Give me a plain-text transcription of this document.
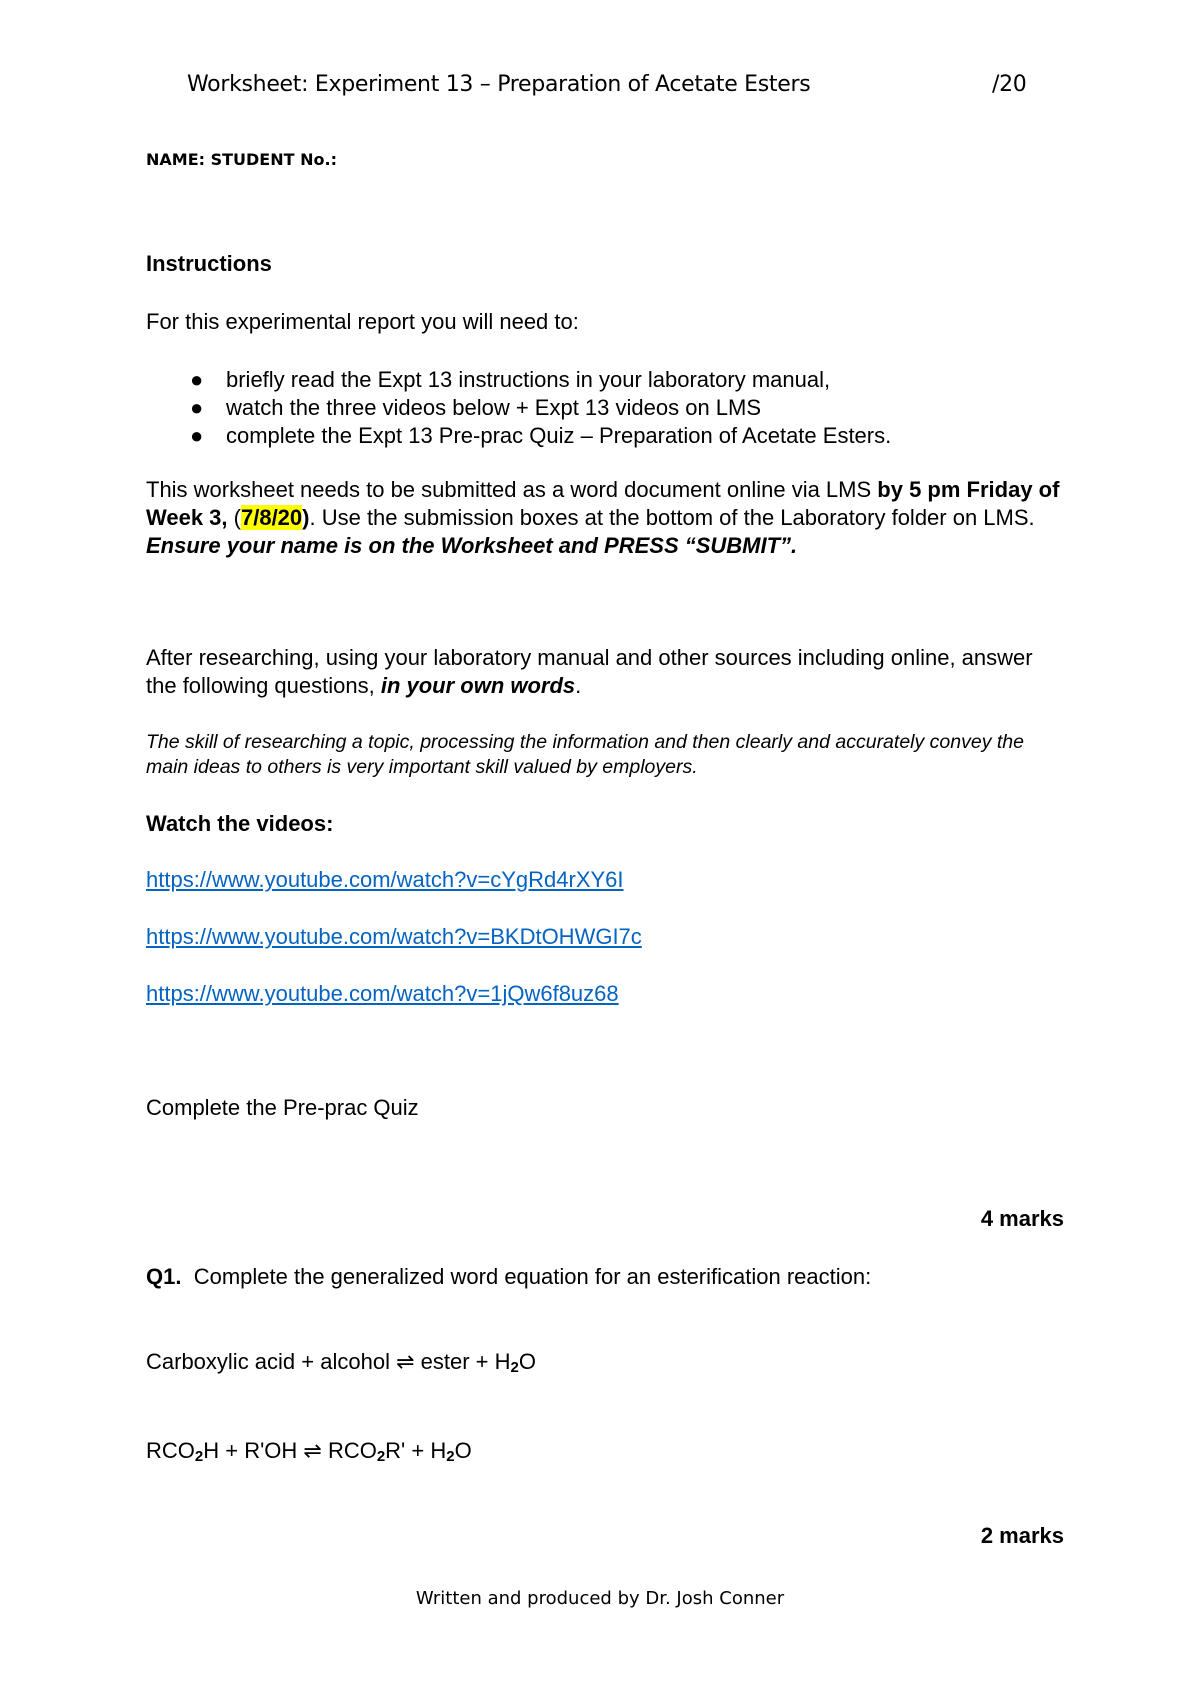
Worksheet: Experiment 13 – Preparation of Acetate Esters	/20
NAME: STUDENT No.:
Instructions
For this experimental report you will need to:
● briefly read the Expt 13 instructions in your laboratory manual,
● watch the three videos below + Expt 13 videos on LMS
● complete the Expt 13 Pre-prac Quiz – Preparation of Acetate Esters.

This worksheet needs to be submitted as a word document online via LMS by 5 pm Friday of Week 3, (7/8/20). Use the submission boxes at the bottom of the Laboratory folder on LMS. Ensure your name is on the Worksheet and PRESS “SUBMIT”.

After researching, using your laboratory manual and other sources including online, answer the following questions, in your own words.

The skill of researching a topic, processing the information and then clearly and accurately convey the main ideas to others is very important skill valued by employers.

Watch the videos:
https://www.youtube.com/watch?v=cYgRd4rXY6I
https://www.youtube.com/watch?v=BKDtOHWGI7c
https://www.youtube.com/watch?v=1jQw6f8uz68
Complete the Pre-prac Quiz
4 marks
Q1. Complete the generalized word equation for an esterification reaction:
Carboxylic acid + alcohol ⇌ ester + $H_2O$
$RCO_2H + R'OH$ ⇌ $RCO_2R' + H_2O$
2 marks
Written and produced by Dr. Josh Conner
